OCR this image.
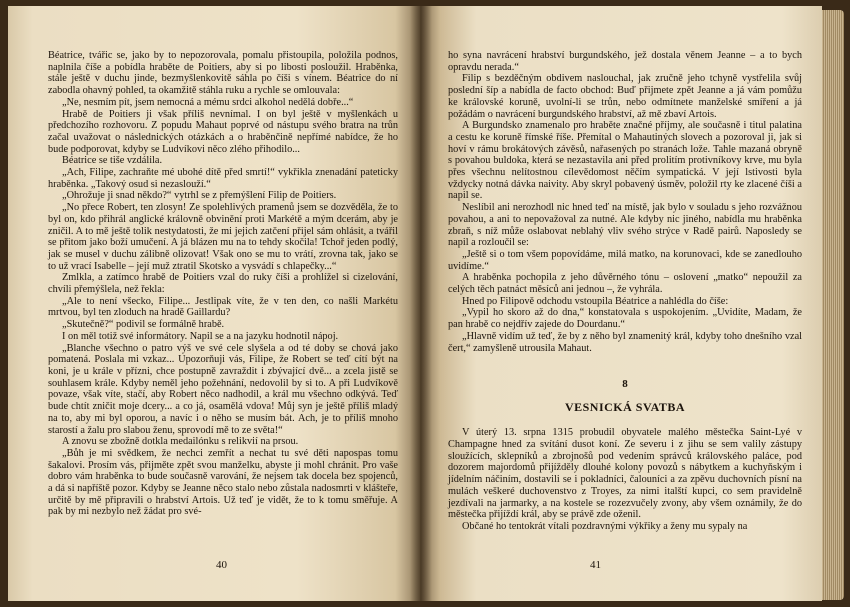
Béatrice, tvářic se, jako by to nepozorovala, pomalu přistoupila, položila podnos, naplnila číše a pobídla hraběte de Poitiers, aby si po libosti posloužil. Hraběnka, stále ještě v duchu jinde, bezmyšlenkovitě sáhla po číši s vínem. Béatrice do ní zabodla ohavný pohled, ta okamžitě stáhla ruku a rychle se omlouvala:

„Ne, nesmím pít, jsem nemocná a mému srdci alkohol nedělá dobře...“

Hrabě de Poitiers ji však příliš nevnímal. I on byl ještě v myšlenkách u předchozího rozhovoru. Z popudu Mahaut poprvé od nástupu svého bratra na trůn začal uvažovat o následnických otázkách a o hraběnčině nepřímé nabídce, že ho bude podporovat, kdyby se Ludvíkovi něco zlého přihodilo...

Béatrice se tiše vzdálila.

„Ach, Filipe, zachraňte mé ubohé dítě před smrtí!“ vykřikla znenadání pateticky hraběnka. „Takový osud si nezaslouží.“

„Ohrožuje ji snad někdo?“ vytrhl se z přemýšlení Filip de Poitiers.

„No přece Robert, ten zlosyn! Ze spolehlivých pramenů jsem se dozvěděla, že to byl on, kdo přihrál anglické královně obvinění proti Markétě a mým dcerám, aby je zničil. A to mě ještě tolik nestydatosti, že mi jejich zatčení přijel sám ohlásit, a tvářil se přitom jako boží umučení. A já blázen mu na to tehdy skočila! Tchoř jeden podlý, jak se musel v duchu zálibně olizovat! Však ono se mu to vrátí, zrovna tak, jako se to už vrací Isabelle – její muž ztratil Skotsko a vysvádí s chlapečky...“

Zmlkla, a zatímco hrabě de Poitiers vzal do ruky číši a prohlížel si cizelování, chvíli přemýšlela, než řekla:

„Ale to není všecko, Filipe... Jestlipak víte, že v ten den, co našli Markétu mrtvou, byl ten zloduch na hradě Gaillardu?

„Skutečně?“ podivil se formálně hrabě.

I on měl totiž své informátory. Napil se a na jazyku hodnotil nápoj.

„Blanche všechno o patro výš ve své cele slyšela a od té doby se chová jako pomatená. Poslala mi vzkaz... Upozorňuji vás, Filipe, že Robert se teď cítí být na koni, je u krále v přízni, chce postupně zavraždit i zbývající dvě... a zcela jistě se souhlasem krále. Kdyby neměl jeho požehnání, nedovolil by si to. A při Ludvíkově povaze, však víte, stačí, aby Robert něco nadhodil, a král mu všechno odkývá. Teď bude chtít zničit moje dcery... a co já, osamělá vdova! Můj syn je ještě příliš mladý na to, aby mi byl oporou, a navíc i o něho se musím bát. Ach, je to příliš mnoho starostí a žalu pro slabou ženu, sprovodí mě to ze světa!“

A znovu se zbožně dotkla medailónku s relikvií na prsou.

„Bůh je mi svědkem, že nechci zemřít a nechat tu své děti napospas tomu šakalovi. Prosím vás, přijměte zpět svou manželku, abyste ji mohl chránit. Pro vaše dobro vám hraběnka to bude současně varování, že nejsem tak docela bez spojenců, a dá si napříště pozor. Kdyby se Jeanne něco stalo nebo zůstala nadosmrti v klášteře, určitě by mě připravili o hrabství Artois. Už teď je vidět, že to k tomu směřuje. A pak by mi nezbylo než žádat pro své-

40

ho syna navrácení hrabství burgundského, jež dostala věnem Jeanne – a to bych opravdu nerada.“

Filip s bezděčným obdivem naslouchal, jak zručně jeho tchyně vystřelila svůj poslední šíp a nabídla de facto obchod: Buď přijmete zpět Jeanne a já vám pomůžu ke královské koruně, uvolní-li se trůn, nebo odmítnete manželské smíření a já požádám o navrácení burgundského hrabství, až mě zbaví Artois.

A Burgundsko znamenalo pro hraběte značné příjmy, ale současně i titul palatina a cestu ke koruně římské říše. Přemítal o Mahautiných slovech a pozoroval ji, jak si hoví v rámu brokátových závěsů, nařasených po stranách lože. Tahle mazaná obryně s povahou buldoka, která se nezastavila ani před prolitím protivníkovy krve, mu byla přes všechnu nelítostnou cílevědomost něčím sympatická. V její lstivosti byla vždycky notná dávka naivity. Aby skryl pobavený úsměv, položil rty ke zlacené číši a napil se.

Neslíbil ani nerozhodl nic hned teď na místě, jak bylo v souladu s jeho rozvážnou povahou, a ani to nepovažoval za nutné. Ale kdyby nic jiného, nabídla mu hraběnka zbraň, s níž může oslabovat neblahý vliv svého strýce v Radě pairů. Naposledy se napil a rozloučil se:

„Ještě si o tom všem popovídáme, milá matko, na korunovaci, kde se zanedlouho uvidíme.“

A hraběnka pochopila z jeho důvěrného tónu – oslovení „matko“ nepoužil za celých těch patnáct měsíců ani jednou –, že vyhrála.

Hned po Filipově odchodu vstoupila Béatrice a nahlédla do číše:

„Vypil ho skoro až do dna,“ konstatovala s uspokojením. „Uvidíte, Madam, že pan hrabě co nejdřív zajede do Dourdanu.“

„Hlavně vidím už teď, že by z něho byl znamenitý král, kdyby toho dnešního vzal čert,“ zamyšleně utrousila Mahaut.

8
VESNICKÁ SVATBA

V úterý 13. srpna 1315 probudil obyvatele malého městečka Saint-Lyé v Champagne hned za svítání dusot koní. Ze severu i z jihu se sem valily zástupy sloužících, sklepníků a zbrojnošů pod vedením správců královského paláce, pod dozorem majordomů přijížděly dlouhé kolony povozů s nábytkem a kuchyňským i jídelním náčiním, dostavili se i pokladníci, čalouníci a za zpěvu duchovních písní na mulách veškeré duchovenstvo z Troyes, za nimi italští kupci, co sem pravidelně jezdívali na jarmarky, a na kostele se rozezvučely zvony, aby všem oznámily, že do městečka přijíždí král, aby se právě zde oženil.

Občané ho tentokrát vítali pozdravnými výkřiky a ženy mu sypaly na

41
